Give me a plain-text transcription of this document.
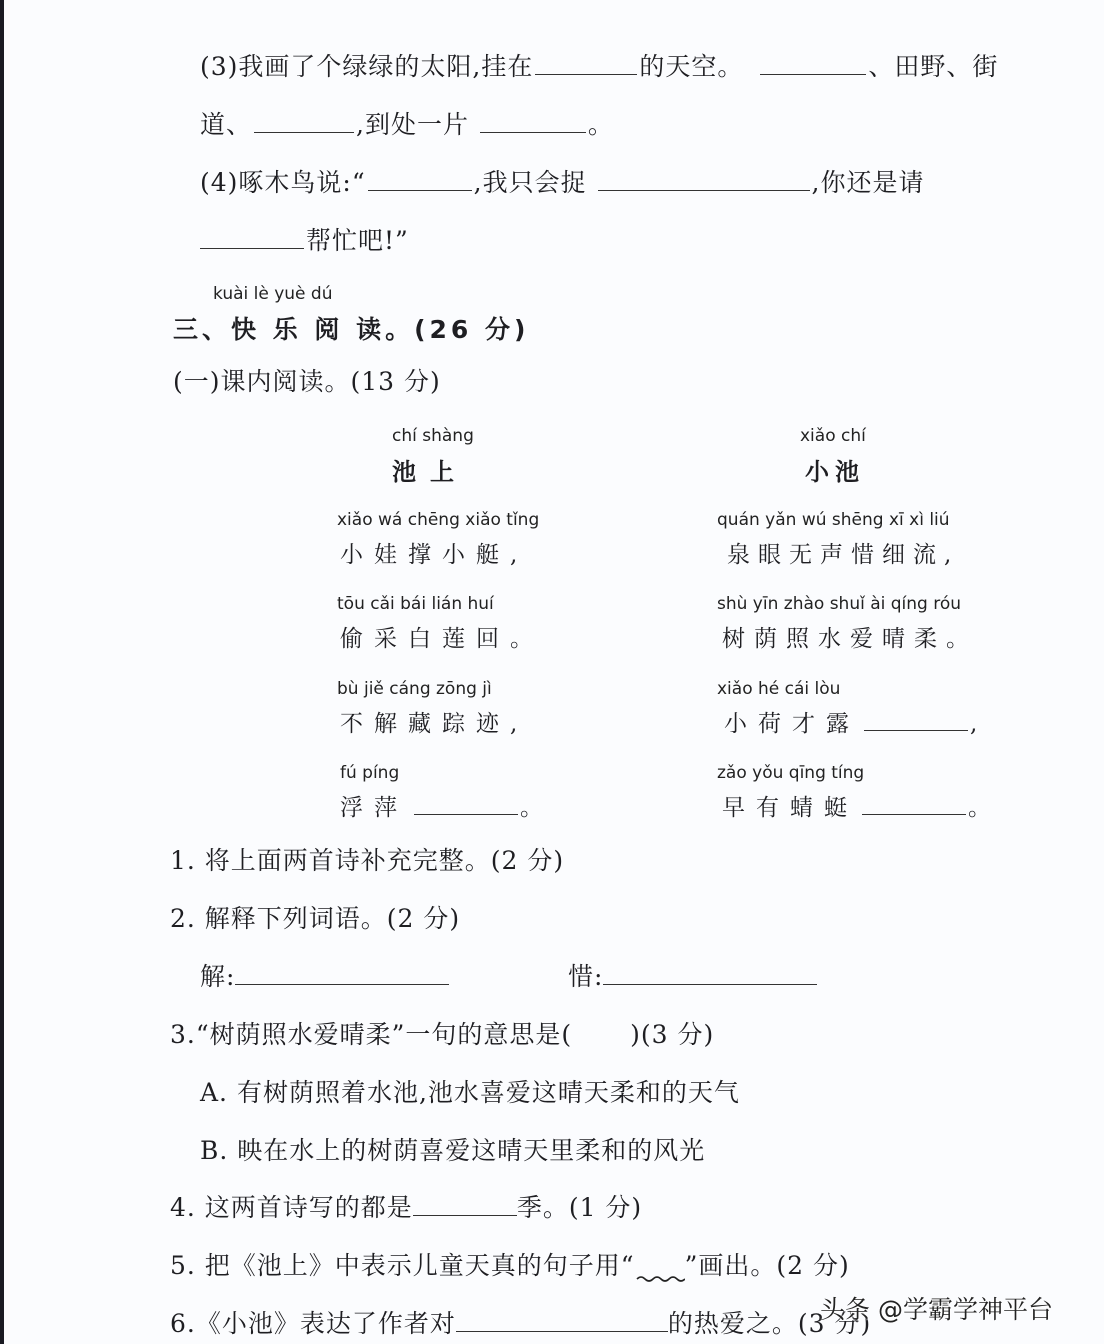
(3)我画了个绿绿的太阳,挂在	的天空。	、田野、街
道、	,到处一片	。
(4)啄木鸟说:“	,我只会捉	,你还是请
帮忙吧!”
kuài lè yuè dú
三、快 乐 阅 读。(26 分)
(一)课内阅读。(13 分)
chí shàng
池上
xiǎo wá chēng xiǎo tǐng
小娃撑小艇,
tōu cǎi bái lián huí
偷采白莲回。
bù jiě cáng zōng jì
不解藏踪迹,
fú píng
浮萍	。
xiǎo chí
小池
quán yǎn wú shēng xī xì liú
泉眼无声惜细流,
shù yīn zhào shuǐ ài qíng róu
树荫照水爱晴柔。
xiǎo hé cái lòu
小荷才露	,
zǎo yǒu qīng tíng
早有蜻蜓	。
1. 将上面两首诗补充完整。(2 分)
2. 解释下列词语。(2 分)
解:	惜:
3.“树荫照水爱晴柔”一句的意思是( )(3 分)
A. 有树荫照着水池,池水喜爱这晴天柔和的天气
B. 映在水上的树荫喜爱这晴天里柔和的风光
4. 这两首诗写的都是	季。(1 分)
5. 把《池上》中表示儿童天真的句子用“ ”画出。(2 分)
6.《小池》表达了作者对	的热爱之。(3 分)
头条 @学霸学神平台
